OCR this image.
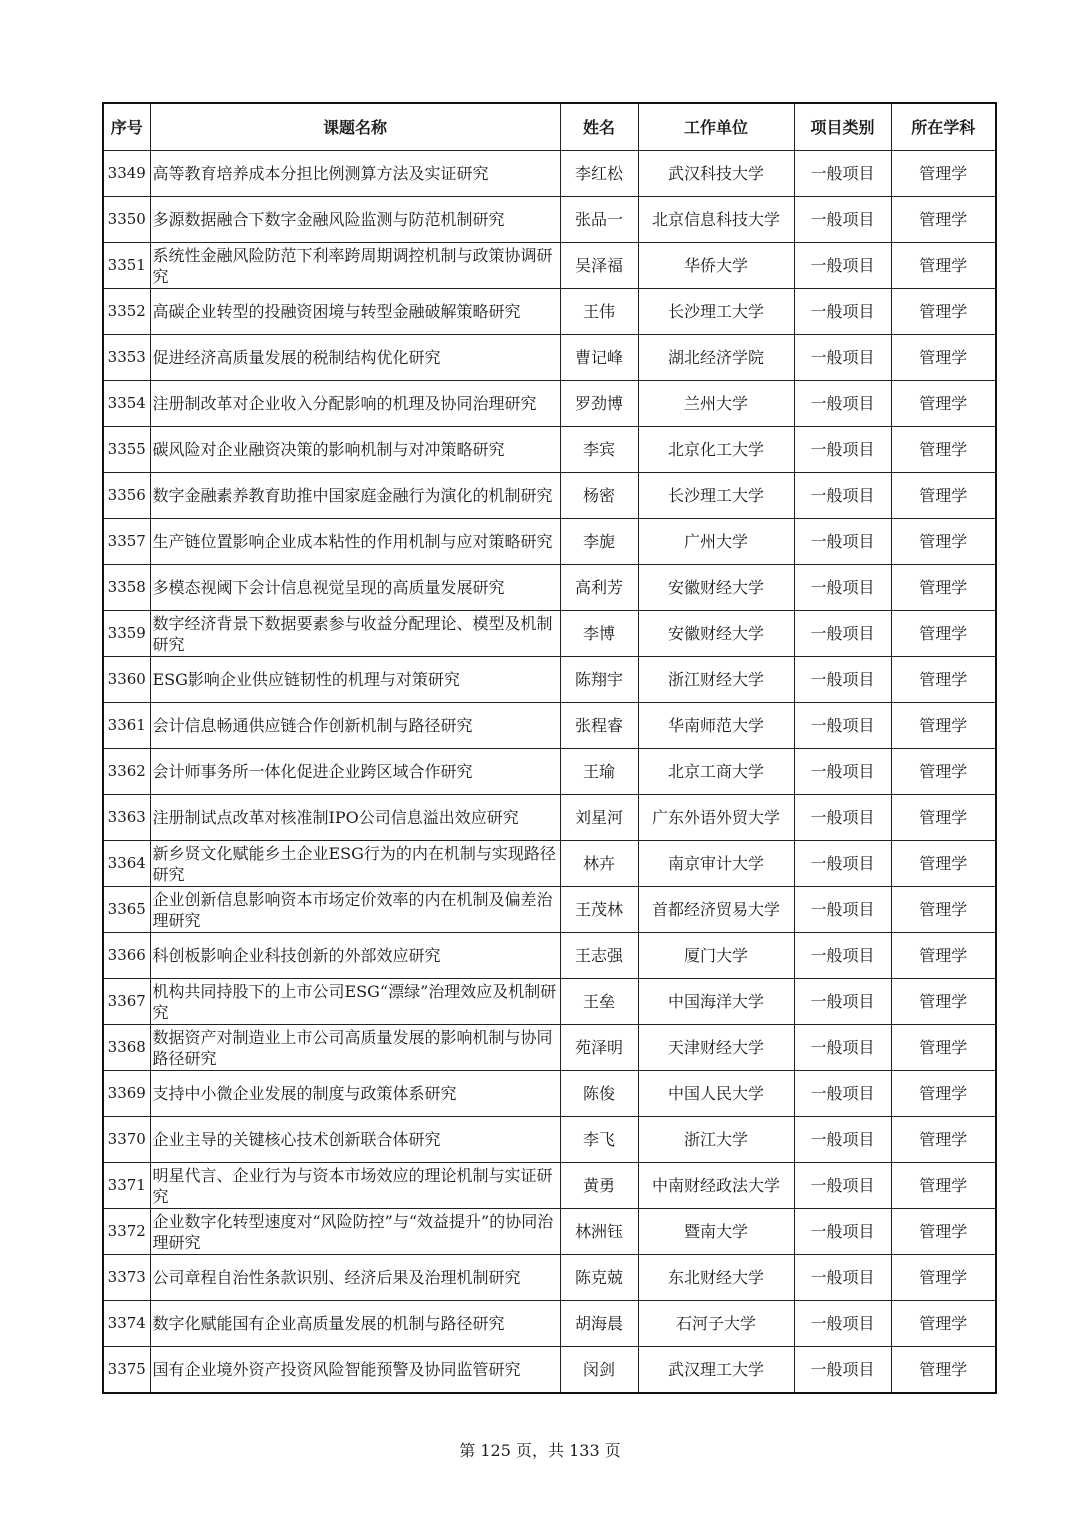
序号	课题名称	姓名	工作单位	项目类别	所在学科
3349	高等教育培养成本分担比例测算方法及实证研究	李红松	武汉科技大学	一般项目	管理学
3350	多源数据融合下数字金融风险监测与防范机制研究	张品一	北京信息科技大学	一般项目	管理学
3351	系统性金融风险防范下利率跨周期调控机制与政策协调研究	吴泽福	华侨大学	一般项目	管理学
3352	高碳企业转型的投融资困境与转型金融破解策略研究	王伟	长沙理工大学	一般项目	管理学
3353	促进经济高质量发展的税制结构优化研究	曹记峰	湖北经济学院	一般项目	管理学
3354	注册制改革对企业收入分配影响的机理及协同治理研究	罗劲博	兰州大学	一般项目	管理学
3355	碳风险对企业融资决策的影响机制与对冲策略研究	李宾	北京化工大学	一般项目	管理学
3356	数字金融素养教育助推中国家庭金融行为演化的机制研究	杨密	长沙理工大学	一般项目	管理学
3357	生产链位置影响企业成本粘性的作用机制与应对策略研究	李旎	广州大学	一般项目	管理学
3358	多模态视阈下会计信息视觉呈现的高质量发展研究	高利芳	安徽财经大学	一般项目	管理学
3359	数字经济背景下数据要素参与收益分配理论、模型及机制研究	李博	安徽财经大学	一般项目	管理学
3360	ESG影响企业供应链韧性的机理与对策研究	陈翔宇	浙江财经大学	一般项目	管理学
3361	会计信息畅通供应链合作创新机制与路径研究	张程睿	华南师范大学	一般项目	管理学
3362	会计师事务所一体化促进企业跨区域合作研究	王瑜	北京工商大学	一般项目	管理学
3363	注册制试点改革对核准制IPO公司信息溢出效应研究	刘星河	广东外语外贸大学	一般项目	管理学
3364	新乡贤文化赋能乡土企业ESG行为的内在机制与实现路径研究	林卉	南京审计大学	一般项目	管理学
3365	企业创新信息影响资本市场定价效率的内在机制及偏差治理研究	王茂林	首都经济贸易大学	一般项目	管理学
3366	科创板影响企业科技创新的外部效应研究	王志强	厦门大学	一般项目	管理学
3367	机构共同持股下的上市公司ESG“漂绿”治理效应及机制研究	王垒	中国海洋大学	一般项目	管理学
3368	数据资产对制造业上市公司高质量发展的影响机制与协同路径研究	苑泽明	天津财经大学	一般项目	管理学
3369	支持中小微企业发展的制度与政策体系研究	陈俊	中国人民大学	一般项目	管理学
3370	企业主导的关键核心技术创新联合体研究	李飞	浙江大学	一般项目	管理学
3371	明星代言、企业行为与资本市场效应的理论机制与实证研究	黄勇	中南财经政法大学	一般项目	管理学
3372	企业数字化转型速度对“风险防控”与“效益提升”的协同治理研究	林洲钰	暨南大学	一般项目	管理学
3373	公司章程自治性条款识别、经济后果及治理机制研究	陈克兢	东北财经大学	一般项目	管理学
3374	数字化赋能国有企业高质量发展的机制与路径研究	胡海晨	石河子大学	一般项目	管理学
3375	国有企业境外资产投资风险智能预警及协同监管研究	闵剑	武汉理工大学	一般项目	管理学
第 125 页，共 133 页
